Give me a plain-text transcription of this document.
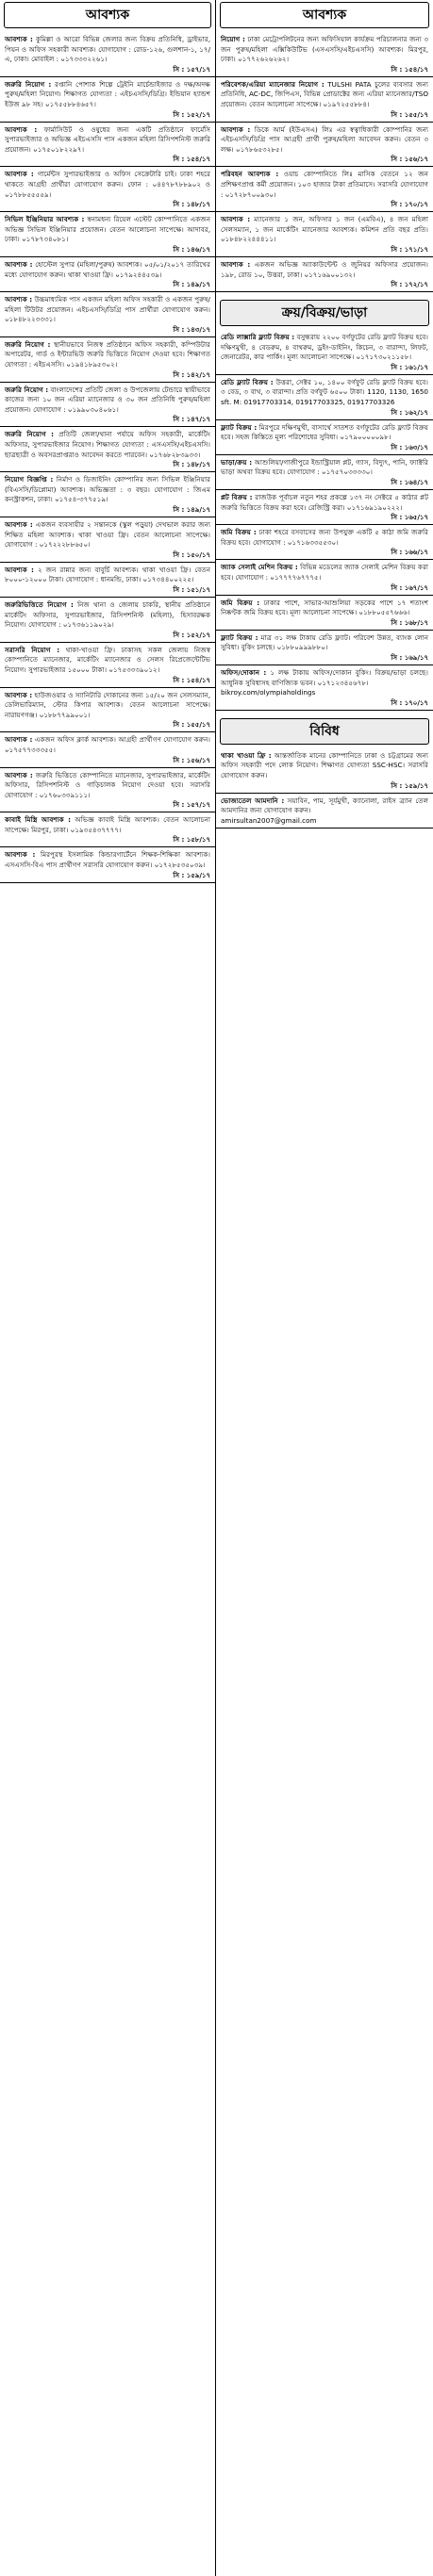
আবশ্যক
আবশ্যক : কুমিল্লা ও আরো বিভিন্ন জেলার জন্য বিক্রয় প্রতিনিধি, ড্রাইভার, পিয়ন ও অফিস সহকারী আবশ্যক। যোগাযোগ : রোড-১২৬, গুলশান-১, ১৭/এ, ঢাকা। মোবাইল : ০১৭৩৩৩২২৬১।
সি : ১৫৭/১৭
জরুরি নিয়োগ : রপ্তানি পোশাক শিল্পে ট্রেইনি মার্চেন্ডাইজার ও দক্ষ/অদক্ষ পুরুষ/মহিলা নিয়োগ। শিক্ষাগত যোগ্যতা : এইচএসসি/ডিগ্রি। ইন্ডিয়ান হ্যান্ডশ ইউজ ৯৮ সহ। ০১৭৫৫৮৮৪৬৫৭।
সি : ১৫২/১৭
আবশ্যক : ফার্মাসিউট ও ওষুধের জন্য একটি প্রতিষ্ঠানে ফার্মেসি সুপারভাইজার ও অভিজ্ঞ এইচএসসি পাস একজন মহিলা রিসিপশনিস্ট জরুরি প্রয়োজন। ০১৭৫০১৮২২৯৭।
সি : ১৫৪/১৭
আবশ্যক : গার্মেন্টস সুপারভাইজার ও অফিস সেক্রেটারি চাই। ঢাকা শহরে থাকতে আগ্রহী প্রার্থীরা যোগাযোগ করুন। ফোন : ০৪৪৭৮৭৮৮৯০২ ও ০১৭৮৮৫৫৫৫৯।
সি : ১৪৮/১৭
সিভিল ইঞ্জিনিয়ার আবশ্যক : স্বনামধন্য রিয়েল এস্টেট কোম্পানিতে একজন অভিজ্ঞ সিভিল ইঞ্জিনিয়ার প্রয়োজন। বেতন আলোচনা সাপেক্ষে। আদাবর, ঢাকা। ০১৭৮৭৩৪০৮১।
সি : ১৪৬/১৭
আবশ্যক : হোস্টেল সুপার (মহিলা/পুরুষ) আবশ্যক। ০৫/০১/২০১৭ তারিখের মধ্যে যোগাযোগ করুন। থাকা খাওয়া ফ্রি। ০১৭৯২৪৪৫৩৯।
সি : ১৪৯/১৭
আবশ্যক : উচ্চমাধ্যমিক পাস একজন মহিলা অফিস সহকারী ও একজন পুরুষ/মহিলা টিউটর প্রয়োজন। এইচএসসি/ডিগ্রি পাস প্রার্থীরা যোগাযোগ করুন। ০১৮৪৮২২৩৩৩১।
সি : ১৪৩/১৭
জরুরি নিয়োগ : স্থানীয়ভাবে নিজস্ব প্রতিষ্ঠানে অফিস সহকারী, কম্পিউটার অপারেটর, গার্ড ও ইন্টারভিউ জরুরি ভিত্তিতে নিয়োগ দেওয়া হবে। শিক্ষাগত যোগ্যতা : এইচএসসি। ০১৯৪১৮৯৫৩০২।
সি : ১৪২/১৭
জরুরি নিয়োগ : বাংলাদেশের প্রতিটি জেলা ও উপজেলায় টেন্ডারে স্থায়ীভাবে কাজের জন্য ১০ জন এরিয়া ম্যানেজার ও ৩০ জন প্রতিনিধি পুরুষ/মহিলা প্রয়োজন। যোগাযোগ : ০১৯৯০৩০৪০৬১।
সি : ১৪৭/১৭
জরুরি নিয়োগ : প্রতিটি জেলা/থানা পর্যায়ে অফিস সহকারী, মার্কেটিং অফিসার, সুপারভাইজার নিয়োগ। শিক্ষাগত যোগ্যতা : এসএসসি/এইচএসসি। ছাত্রছাত্রী ও অবসরপ্রাপ্তরাও আবেদন করতে পারবেন। ০১৭৬৮২৮৩৯৩৩।
সি : ১৪৮/১৭
নিয়োগ বিজ্ঞপ্তি : নির্মাণ ও ডিজাইনিং কোম্পানির জন্য সিভিল ইঞ্জিনিয়ার (বিএসসি/ডিপ্লোমা) আবশ্যক। অভিজ্ঞতা : ৩ বছর। যোগাযোগ : জিএম কনস্ট্রাকশন, ঢাকা। ০১৭৫৪-৩৭৭৫১৯।
সি : ১৪৯/১৭
আবশ্যক : একজন ব্যবসায়ীর ২ সন্তানকে (স্কুল পড়ুয়া) দেখভাল করার জন্য শিক্ষিত মহিলা আবশ্যক। থাকা খাওয়া ফ্রি। বেতন আলোচনা সাপেক্ষে। যোগাযোগ : ০১৭২২২৮৮৬৫০।
সি : ১৫০/১৭
আবশ্যক : ২ জন রান্নার জন্য বাবুর্চি আবশ্যক। থাকা খাওয়া ফ্রি। বেতন ৮০০০-১২০০০ টাকা। যোগাযোগ : ধানমন্ডি, ঢাকা। ০১৭৩৪৪০০২২৫।
সি : ১৫১/১৭
জরুরিভিত্তিতে নিয়োগ : নিজ থানা ও জেলায় চাকরি, স্থানীয় প্রতিষ্ঠানে মার্কেটিং অফিসার, সুপারভাইজার, রিসিপশনিস্ট (মহিলা), হিসাবরক্ষক নিয়োগ। যোগাযোগ : ০১৭৩৬১১৯০২৯।
সি : ১৫২/১৭
সরাসরি নিয়োগ : থাকা-খাওয়া ফ্রি। ঢাকাসহ সকল জেলায় নিজস্ব কোম্পানিতে ম্যানেজার, মার্কেটিং ম্যানেজার ও সেলস রিপ্রেজেন্টেটিভ নিয়োগ। সুপারভাইজার ১৫০০০ টাকা। ০১৭৫৩৩৩৯০১২।
সি : ১৫৪/১৭
আবশ্যক : হাউজওয়ার ও স্যানিটারি দোকানের জন্য ১৫/২০ জন সেলসম্যান, ডেলিভারিম্যান, স্টোর কিপার আবশ্যক। বেতন আলোচনা সাপেক্ষে। নারায়ণগঞ্জ। ০১৮৮৭৭৯৯০০১।
সি : ১৫৫/১৭
আবশ্যক : একজন অফিস ক্লার্ক আবশ্যক। আগ্রহী প্রার্থীগণ যোগাযোগ করুন। ০১৭৫৭৭৩৩৩৫৫।
সি : ১৫৬/১৭
আবশ্যক : জরুরি ভিত্তিতে কোম্পানিতে ম্যানেজার, সুপারভাইজার, মার্কেটিং অফিসার, রিসিপশনিস্ট ও গাড়িচালক নিয়োগ দেওয়া হবে। সরাসরি যোগাযোগ : ০১৭৬০৩৩৯১১১।
সি : ১৫৭/১৭
কাবাই মিস্ত্রি আবশ্যক : অভিজ্ঞ কাবাই মিস্ত্রি আবশ্যক। বেতন আলোচনা সাপেক্ষে। মিরপুর, ঢাকা। ০১৯৩৫৪৩৭৭৭৭।
সি : ১৫৮/১৭
আবশ্যক : মিরপুরস্থ ইসলামিক কিন্ডারগার্টেনে শিক্ষক-শিক্ষিকা আবশ্যক। এসএসসি-বিএ পাস প্রার্থীগণ সরাসরি যোগাযোগ করুন। ০১৭২৮৫৩৫০৩৯।
সি : ১৫৯/১৭
আবশ্যক
নিয়োগ : ঢাকা মেট্রোপলিটনের জন্য অফিসিয়াল কার্যক্রম পরিচালনার জন্য ৩ জন পুরুষ/মহিলা এক্সিকিউটিভ (এসএসসি/এইচএসসি) আবশ্যক। মিরপুর, ঢাকা। ০১৭৭২৬২৬২৬২।
সি : ১৫৪/১৭
পরিবেশক/এরিয়া ম্যানেজার নিয়োগ : TULSHI PATA চুলের ব্যবসার জন্য প্রতিনিধি, AC-DC, জিপিএস, বিভিন্ন প্রোডাক্টের জন্য এরিয়া ম্যানেজার/TSO প্রয়োজন। বেতন আলোচনা সাপেক্ষে। ০১৯৭২৫৫৮৮৪।
সি : ১৫৫/১৭
আবশ্যক : ডিকে আর্ম (ইউএসএ) লিঃ এর স্বত্বাধিকারী কোম্পানির জন্য এইচএসসি/ডিগ্রি পাস আগ্রহী প্রার্থী পুরুষ/মহিলা আবেদন করুন। বেতন ৩ লক্ষ। ০১৭৮৬৫৩২৮৫।
সি : ১৫৬/১৭
পরিবহন আবশ্যক : ওয়াচ কোম্পানিতে লিঃ মাসিক বেতনে ১২ জন প্রশিক্ষণপ্রাপ্ত কর্মী প্রয়োজন। ১০৩ হাজার টাকা প্রতিমাসে। সরাসরি যোগাযোগ : ০১৭২৮৭০০৯৩০।
সি : ১৭০/১৭
আবশ্যক : ম্যানেজার ১ জন, অফিসার ১ জন (এমবিএ), ৪ জন মহিলা সেলসম্যান, ১ জন মার্কেটিং ম্যানেজার আবশ্যক। কমিশন প্রতি বছর প্রতি। ০১৮৪৮২২৪৪৪১১।
সি : ১৭১/১৭
আবশ্যক : একজন অভিজ্ঞ অ্যাকাউন্টেন্ট ও জুনিয়র অফিসার প্রয়োজন। ১৯৮, রোড ১০, উত্তরা, ঢাকা। ০১৭১৬৯০০১৩২।
সি : ১৭২/১৭
ক্রয়/বিক্রয়/ভাড়া
রেডি লাক্সারি ফ্ল্যাট বিক্রয় : বসুন্ধরায় ২২০০ বর্গফুটের রেডি ফ্ল্যাট বিক্রয় হবে। দক্ষিণমুখী, ৪ বেডরুম, ৪ বাথরুম, ড্রইং-ডাইনিং, কিচেন, ৩ বারান্দা, লিফট, জেনারেটর, কার পার্কিং। মূল্য আলোচনা সাপেক্ষে। ০১৭১৭৩০২১১৫৮।
সি : ১৬১/১৭
রেডি ফ্ল্যাট বিক্রয় : উত্তরা, সেক্টর ১০, ১৪০০ বর্গফুট রেডি ফ্ল্যাট বিক্রয় হবে। ৩ বেড, ৩ বাথ, ৩ বারান্দা। প্রতি বর্গফুট ৬৫০০ টাকা। 1120, 1130, 1650 sft. M: 01917703314, 01917703325, 01917703326
সি : ১৬২/১৭
ফ্ল্যাট বিক্রয় : মিরপুরে দক্ষিণমুখী, বাসার্থে সাতশত বর্গফুটের রেডি ফ্ল্যাট বিক্রয় হবে। সহজ কিস্তিতে মূল্য পরিশোধের সুবিধা। ০১৭৯০০০০০৯৮।
সি : ১৬৩/১৭
ভাড়া/ক্রয় : আশুলিয়া/গাজীপুরে ইন্ডাস্ট্রিয়াল প্লট, গ্যাস, বিদ্যুৎ, পানি, ফ্যাক্টরি ভাড়া অথবা বিক্রয় হবে। যোগাযোগ : ০১৭৫৭০৩৩৩৩০।
সি : ১৬৪/১৭
প্লট বিক্রয় : রাজউক পূর্বাচল নতুন শহর প্রকল্পে ১৩৭ নং সেক্টরে ৫ কাঠার প্লট জরুরি ভিত্তিতে বিক্রয় করা হবে। রেজিস্ট্রি করা। ০১৭১৬৯১৯০২২২।
সি : ১৬৫/১৭
জমি বিক্রয় : ঢাকা শহরে বসবাসের জন্য উপযুক্ত একটি ৫ কাঠা জমি জরুরি বিক্রয় হবে। যোগাযোগ : ০১৭১৬৩৩৫৫৩০।
সি : ১৬৬/১৭
জ্যাক সেলাই মেশিন বিক্রয় : বিভিন্ন মডেলের জ্যাক সেলাই মেশিন বিক্রয় করা হবে। যোগাযোগ : ০১৭৭৭৭৬৭৭৭৫।
সি : ১৬৭/১৭
জমি বিক্রয় : ঢাকার পাশে, সাভার-আশুলিয়া সড়কের পাশে ১৭ শতাংশ নিষ্কণ্টক জমি বিক্রয় হবে। মূল্য আলোচনা সাপেক্ষে। ০১৮৮০৫৫৭৬৬৬।
সি : ১৬৮/১৭
ফ্ল্যাট বিক্রয় : মাত্র ৩১ লক্ষ টাকায় রেডি ফ্ল্যাট। পরিবেশ উন্নত, ব্যাংক লোন সুবিধা। বুকিং চলছে। ০১৮৮০৯৯৯৮৮০।
সি : ১৬৯/১৭
অফিস/দোকান : ১ লক্ষ টাকায় অফিস/দোকান বুকিং। বিক্রয়/ভাড়া চলছে। আধুনিক সুবিধাসহ বাণিজ্যিক ভবন। ০১৭১২৩৪৫৬৭৮।
bikroy.com/olympiaholdings
সি : ১৭০/১৭
বিবিধ
থাকা খাওয়া ফ্রি : আন্তর্জাতিক মানের কোম্পানিতে ঢাকা ও চট্টগ্রামের জন্য অফিস সহকারী পদে লোক নিয়োগ। শিক্ষাগত যোগ্যতা SSC-HSC। সরাসরি যোগাযোগ করুন।
সি : ১৫৯/১৭
ভোজ্যতেল আমদানি : সয়াবিন, পাম, সূর্যমুখী, ক্যানোলা, রাইস ব্র্যান তেল আমদানির জন্য যোগাযোগ করুন।
amirsultan2007@gmail.com
